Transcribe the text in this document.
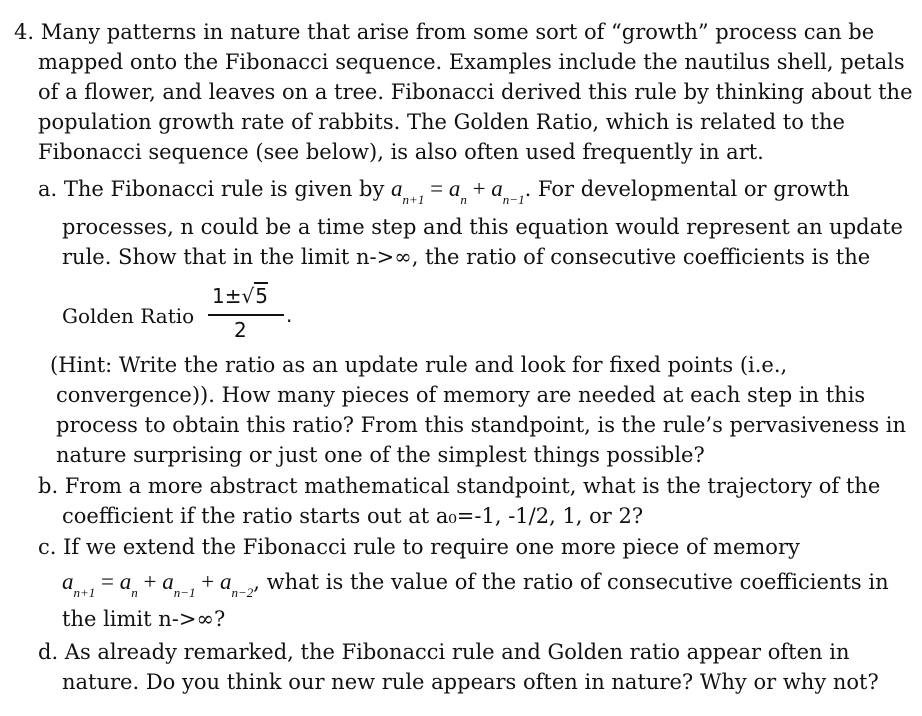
4. Many patterns in nature that arise from some sort of “growth” process can be
mapped onto the Fibonacci sequence. Examples include the nautilus shell, petals
of a flower, and leaves on a tree. Fibonacci derived this rule by thinking about the
population growth rate of rabbits. The Golden Ratio, which is related to the
Fibonacci sequence (see below), is also often used frequently in art.
a. The Fibonacci rule is given by $a_{n+1} = a_n + a_{n-1}$. For developmental or growth
processes, n could be a time step and this equation would represent an update
rule. Show that in the limit n->∞, the ratio of consecutive coefficients is the
Golden Ratio
1±√5
2
.
(Hint: Write the ratio as an update rule and look for fixed points (i.e.,
convergence)). How many pieces of memory are needed at each step in this
process to obtain this ratio? From this standpoint, is the rule’s pervasiveness in
nature surprising or just one of the simplest things possible?
b. From a more abstract mathematical standpoint, what is the trajectory of the
coefficient if the ratio starts out at a₀=-1, -1/2, 1, or 2?
c. If we extend the Fibonacci rule to require one more piece of memory
$a_{n+1} = a_n + a_{n-1} + a_{n-2}$, what is the value of the ratio of consecutive coefficients in
the limit n->∞?
d. As already remarked, the Fibonacci rule and Golden ratio appear often in
nature. Do you think our new rule appears often in nature? Why or why not?
